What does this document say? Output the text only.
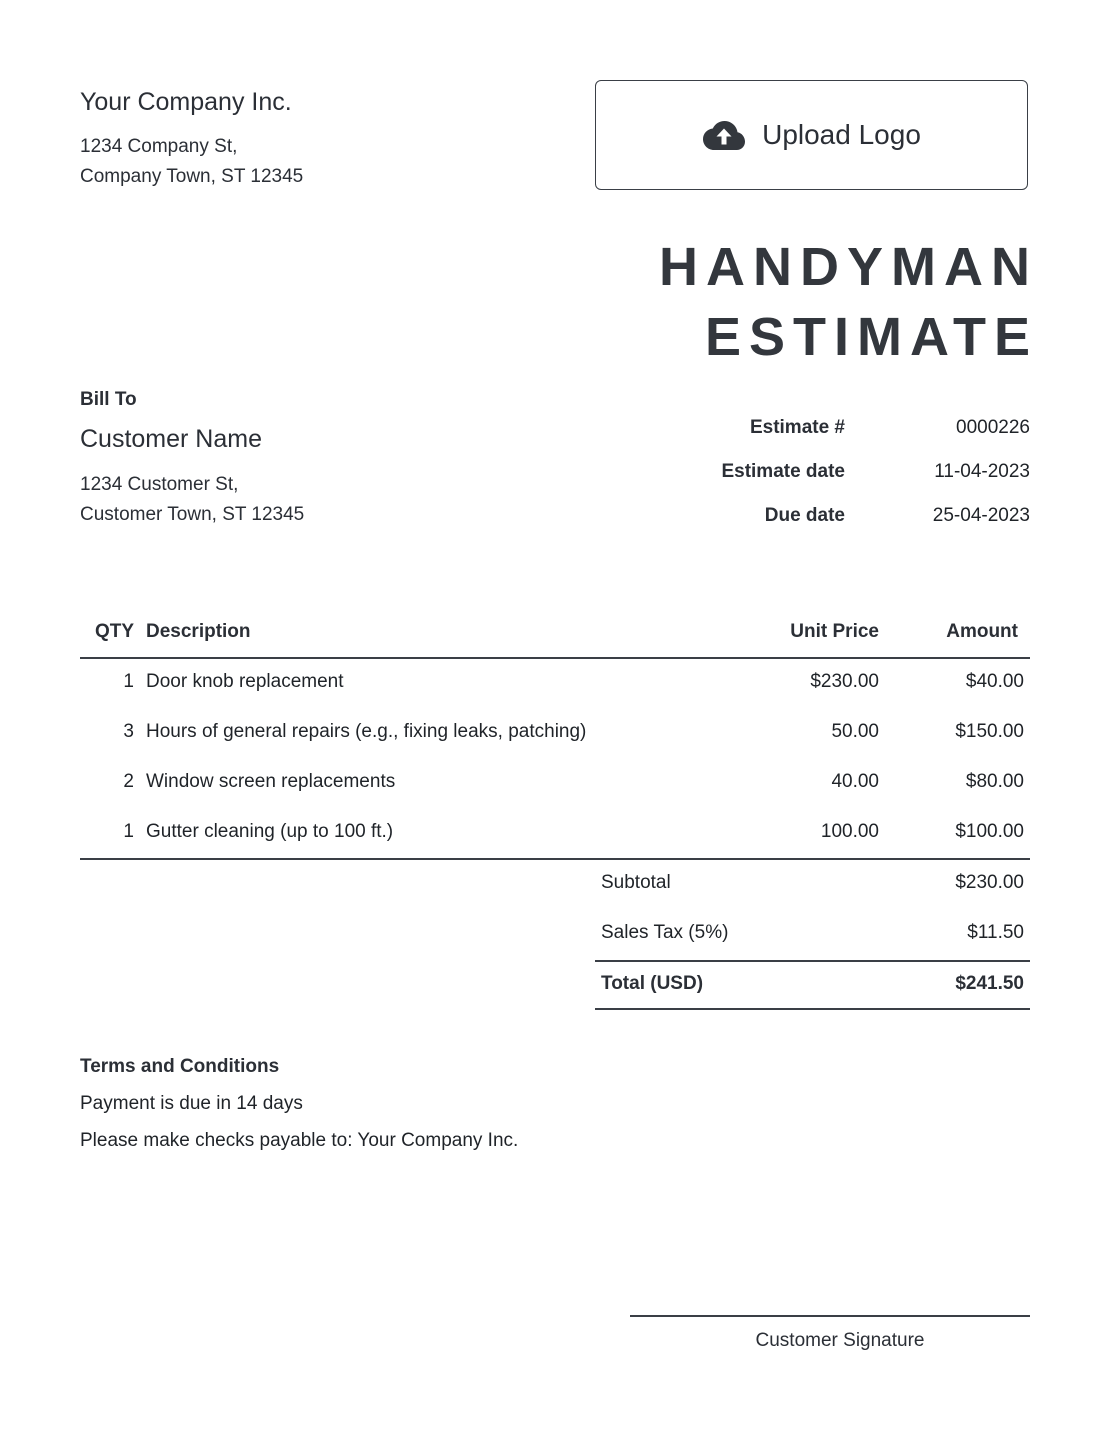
Your Company Inc.
1234 Company St,
Company Town, ST 12345
Upload Logo
HANDYMAN
ESTIMATE
Bill To
Customer Name
1234 Customer St,
Customer Town, ST 12345
Estimate #	0000226
Estimate date	11-04-2023
Due date	25-04-2023
QTY Description	Unit Price	Amount
1 Door knob replacement	$230.00	$40.00
3 Hours of general repairs (e.g., fixing leaks, patching)	50.00	$150.00
2 Window screen replacements	40.00	$80.00
1 Gutter cleaning (up to 100 ft.)	100.00	$100.00
Subtotal	$230.00
Sales Tax (5%)	$11.50
Total (USD)	$241.50
Terms and Conditions
Payment is due in 14 days
Please make checks payable to: Your Company Inc.
Customer Signature
